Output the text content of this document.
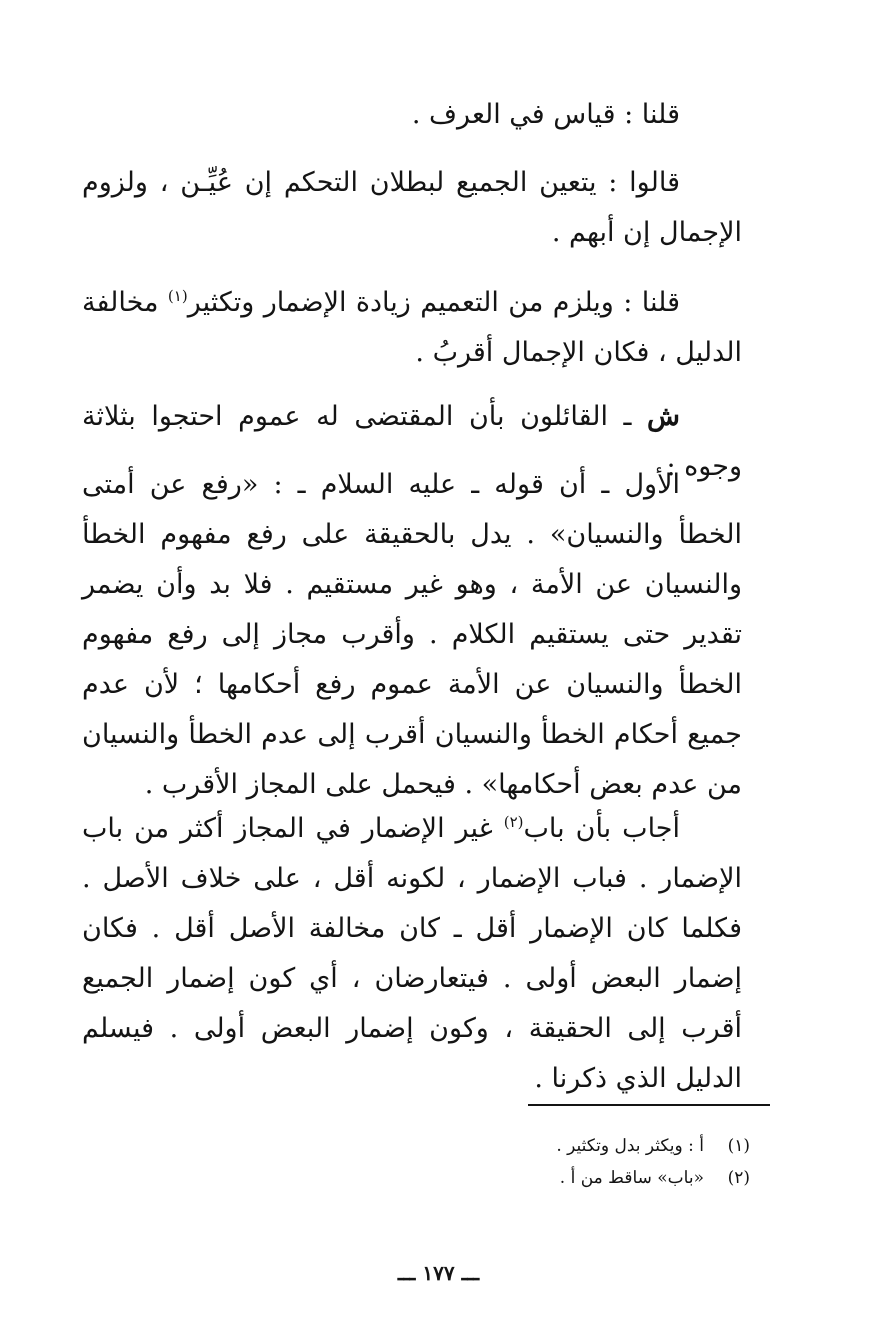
قلنا : قياس في العرف .

قالوا : يتعين الجميع لبطلان التحكم إن عُيِّـن ، ولزوم الإجمال إن أبهم .

قلنا : ويلزم من التعميم زيادة الإضمار وتكثير$^{(١)}$ مخالفة الدليل ، فكان الإجمال أقربُ .

ش ـ القائلون بأن المقتضى له عموم احتجوا بثلاثة وجوه :

الأول ـ أن قوله ـ عليه السلام ـ : «رفع عن أمتى الخطأ والنسيان» . يدل بالحقيقة على رفع مفهوم الخطأ والنسيان عن الأمة ، وهو غير مستقيم . فلا بد وأن يضمر تقدير حتى يستقيم الكلام . وأقرب مجاز إلى رفع مفهوم الخطأ والنسيان عن الأمة عموم رفع أحكامها ؛ لأن عدم جميع أحكام الخطأ والنسيان أقرب إلى عدم الخطأ والنسيان من عدم بعض أحكامها» . فيحمل على المجاز الأقرب .

أجاب بأن باب$^{(٢)}$ غير الإضمار في المجاز أكثر من باب الإضمار . فباب الإضمار ، لكونه أقل ، على خلاف الأصل . فكلما كان الإضمار أقل ـ كان مخالفة الأصل أقل . فكان إضمار البعض أولى . فيتعارضان ، أي كون إضمار الجميع أقرب إلى الحقيقة ، وكون إضمار البعض أولى . فيسلم الدليل الذي ذكرنا .

(١)
أ : ويكثر بدل وتكثير .
(٢)
«باب» ساقط من أ .
ـــ ١٧٧ ـــ
